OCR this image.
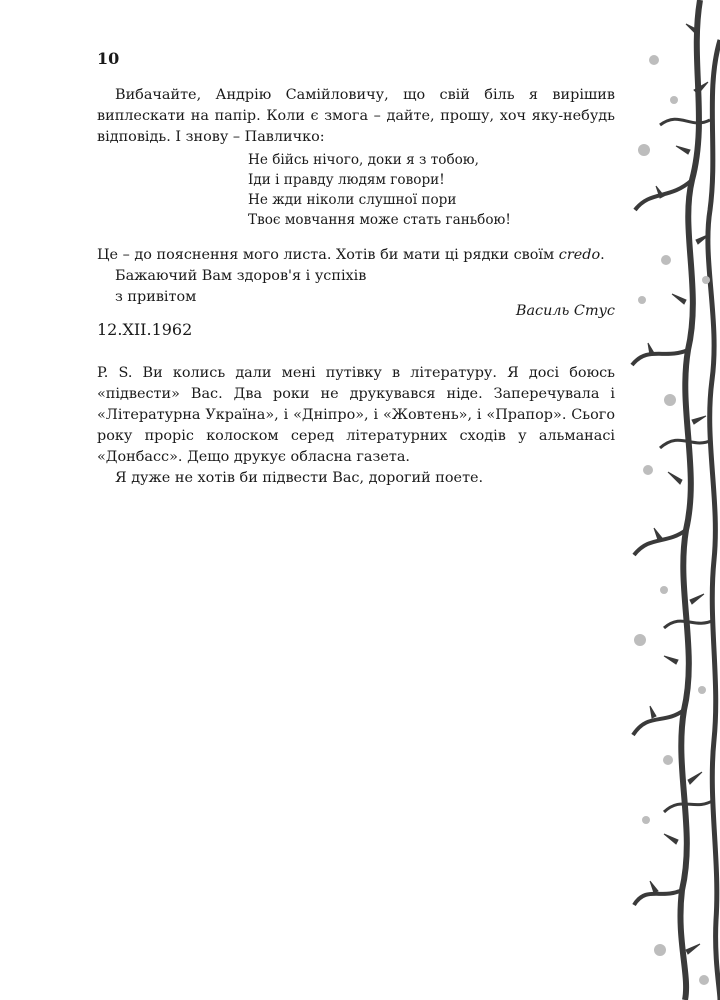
10
Вибачайте, Андрію Самійловичу, що свій біль я вирішив виплескати на папір. Коли є змога – дайте, прошу, хоч яку-небудь відповідь. І знову – Павличко:
Не бійсь нічого, доки я з тобою,
Іди і правду людям говори!
Не жди ніколи слушної пори
Твоє мовчання може стать ганьбою!
Це – до пояснення мого листа. Хотів би мати ці рядки своїм credo.
Бажаючий Вам здоров'я і успіхів
з привітом
Василь Стус
12.XII.1962
P. S. Ви колись дали мені путівку в літературу. Я досі боюсь «підвести» Вас. Два роки не друкувався ніде. Заперечувала і «Літературна Україна», і «Дніпро», і «Жовтень», і «Прапор». Сього року проріс колоском серед літературних сходів у альманасі «Донбасс». Дещо друкує обласна газета.
Я дуже не хотів би підвести Вас, дорогий поете.
